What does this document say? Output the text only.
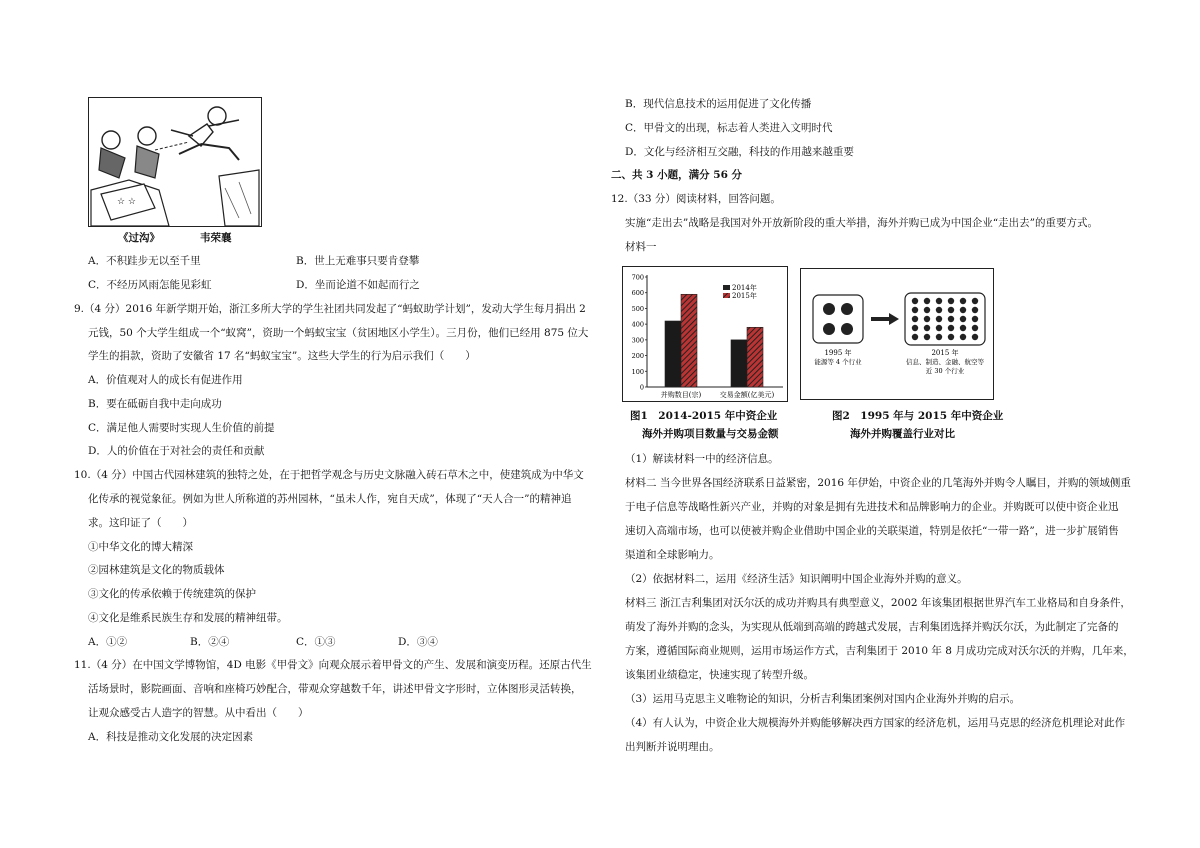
☆ ☆
《过沟》	韦荣襄
A．不积跬步无以至千里	B．世上无难事只要肯登攀
C．不经历风雨怎能见彩虹	D．坐而论道不如起而行之
9.（4 分）2016 年新学期开始，浙江多所大学的学生社团共同发起了“蚂蚁助学计划”，发动大学生每月捐出 2
元钱，50 个大学生组成一个“蚁窝”，资助一个蚂蚁宝宝（贫困地区小学生）。三月份，他们已经用 875 位大
学生的捐款，资助了安徽省 17 名“蚂蚁宝宝”。这些大学生的行为启示我们（　　）
A．价值观对人的成长有促进作用
B．要在砥砺自我中走向成功
C．满足他人需要时实现人生价值的前提
D．人的价值在于对社会的责任和贡献
10.（4 分）中国古代园林建筑的独特之处，在于把哲学观念与历史文脉融入砖石草木之中，使建筑成为中华文
化传承的视觉象征。例如为世人所称道的苏州园林，“虽未人作，宛自天成”，体现了“天人合一”的精神追
求。这印证了（　　）
①中华文化的博大精深
②园林建筑是文化的物质载体
③文化的传承依赖于传统建筑的保护
④文化是维系民族生存和发展的精神纽带。
A．①②	B．②④	C．①③	D．③④
11.（4 分）在中国文学博物馆，4D 电影《甲骨文》向观众展示着甲骨文的产生、发展和演变历程。还原古代生
活场景时，影院画面、音响和座椅巧妙配合，带观众穿越数千年，讲述甲骨文字形时，立体图形灵活转换，
让观众感受古人造字的智慧。从中看出（　　）
A．科技是推动文化发展的决定因素
B．现代信息技术的运用促进了文化传播
C．甲骨文的出现，标志着人类进入文明时代
D．文化与经济相互交融，科技的作用越来越重要
二、共 3 小题，满分 56 分
12.（33 分）阅读材料，回答问题。
实施“走出去”战略是我国对外开放新阶段的重大举措，海外并购已成为中国企业“走出去”的重要方式。
材料一
0
100
200
300
400
500
600
700
2014年
2015年
并购数目(宗)	交易金额(亿美元)
图1　2014-2015 年中资企业
海外并购项目数量与交易金额
1995 年
能源等 4 个行业
2015 年
信息、制造、金融、航空等
近 30 个行业
图2　1995 年与 2015 年中资企业
海外并购覆盖行业对比
（1）解读材料一中的经济信息。
材料二 当今世界各国经济联系日益紧密，2016 年伊始，中资企业的几笔海外并购令人瞩目，并购的领域侧重
于电子信息等战略性新兴产业，并购的对象是拥有先进技术和品牌影响力的企业。并购既可以使中资企业迅
速切入高端市场，也可以使被并购企业借助中国企业的关联渠道，特别是依托“一带一路”，进一步扩展销售
渠道和全球影响力。
（2）依据材料二，运用《经济生活》知识阐明中国企业海外并购的意义。
材料三 浙江吉利集团对沃尔沃的成功并购具有典型意义，2002 年该集团根据世界汽车工业格局和自身条件，
萌发了海外并购的念头，为实现从低端到高端的跨越式发展，吉利集团选择并购沃尔沃，为此制定了完备的
方案，遵循国际商业规则，运用市场运作方式，吉利集团于 2010 年 8 月成功完成对沃尔沃的并购，几年来，
该集团业绩稳定，快速实现了转型升级。
（3）运用马克思主义唯物论的知识，分析吉利集团案例对国内企业海外并购的启示。
（4）有人认为，中资企业大规模海外并购能够解决西方国家的经济危机，运用马克思的经济危机理论对此作
出判断并说明理由。
